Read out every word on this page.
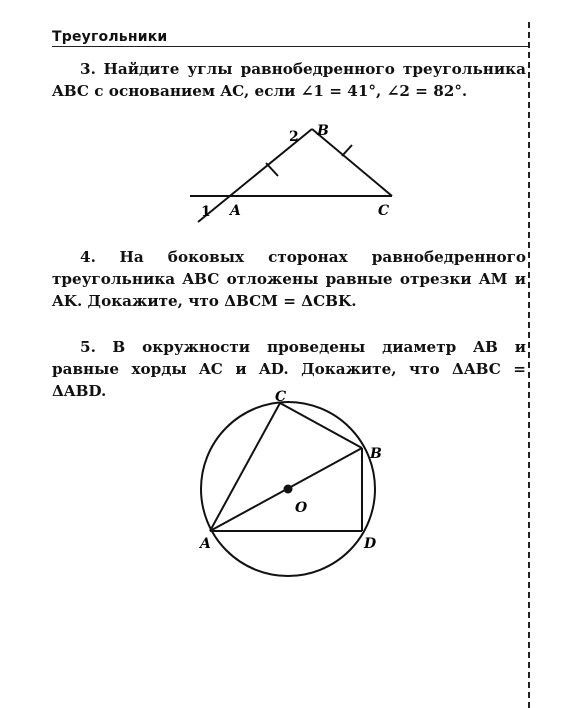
Треугольники
3. Найдите углы равнобедренного треугольника ABC с основанием AC, если ∠1 = 41°, ∠2 = 82°.
B
A	C
1
2
C
B
O
A	D
4. На боковых сторонах равнобедренного треугольника ABC отложены равные отрезки AM и AK. Докажите, что ΔBCM = ΔCBK.
5. В окружности проведены диаметр AB и равные хорды AC и AD. Докажите, что ΔABC = ΔABD.
